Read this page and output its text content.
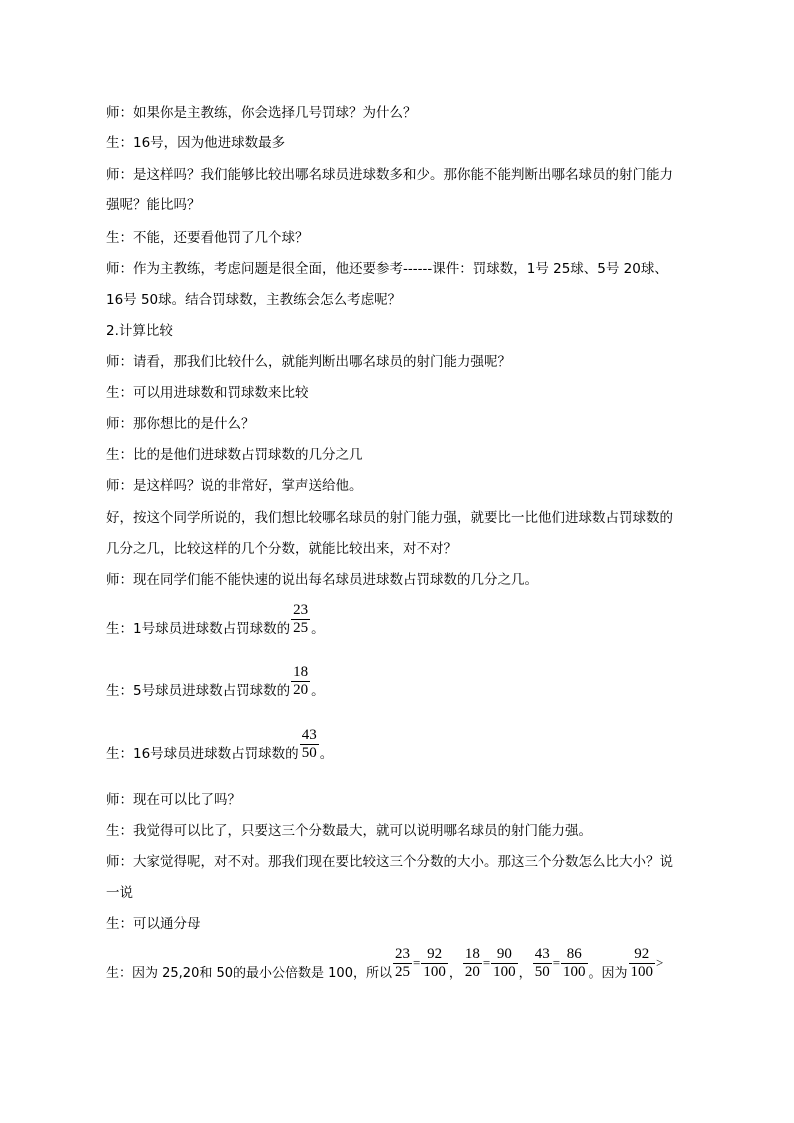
师：如果你是主教练，你会选择几号罚球？为什么？
生：16号，因为他进球数最多
师：是这样吗？我们能够比较出哪名球员进球数多和少。那你能不能判断出哪名球员的射门能力
强呢？能比吗？
生：不能，还要看他罚了几个球？
师：作为主教练，考虑问题是很全面，他还要参考------课件：罚球数，1号 25球、5号 20球、
16号 50球。结合罚球数，主教练会怎么考虑呢？
2.计算比较
师：请看，那我们比较什么，就能判断出哪名球员的射门能力强呢？
生：可以用进球数和罚球数来比较
师：那你想比的是什么？
生：比的是他们进球数占罚球数的几分之几
师：是这样吗？说的非常好，掌声送给他。
好，按这个同学所说的，我们想比较哪名球员的射门能力强，就要比一比他们进球数占罚球数的
几分之几，比较这样的几个分数，就能比较出来，对不对？
师：现在同学们能不能快速的说出每名球员进球数占罚球数的几分之几。
生：1号球员进球数占罚球数的 $\frac{23}{25}$ 。
生：5号球员进球数占罚球数的 $\frac{18}{20}$ 。
生：16号球员进球数占罚球数的 $\frac{43}{50}$ 。
师：现在可以比了吗？
生：我觉得可以比了，只要这三个分数最大，就可以说明哪名球员的射门能力强。
师：大家觉得呢，对不对。那我们现在要比较这三个分数的大小。那这三个分数怎么比大小？说
一说
生：可以通分母
生：因为 25,20和 50的最小公倍数是 100，所以 $\frac{23}{25} = \frac{92}{100}$ ， $\frac{18}{20} = \frac{90}{100}$ ， $\frac{43}{50} = \frac{86}{100}$ 。因为 $\frac{92}{100}$ >
